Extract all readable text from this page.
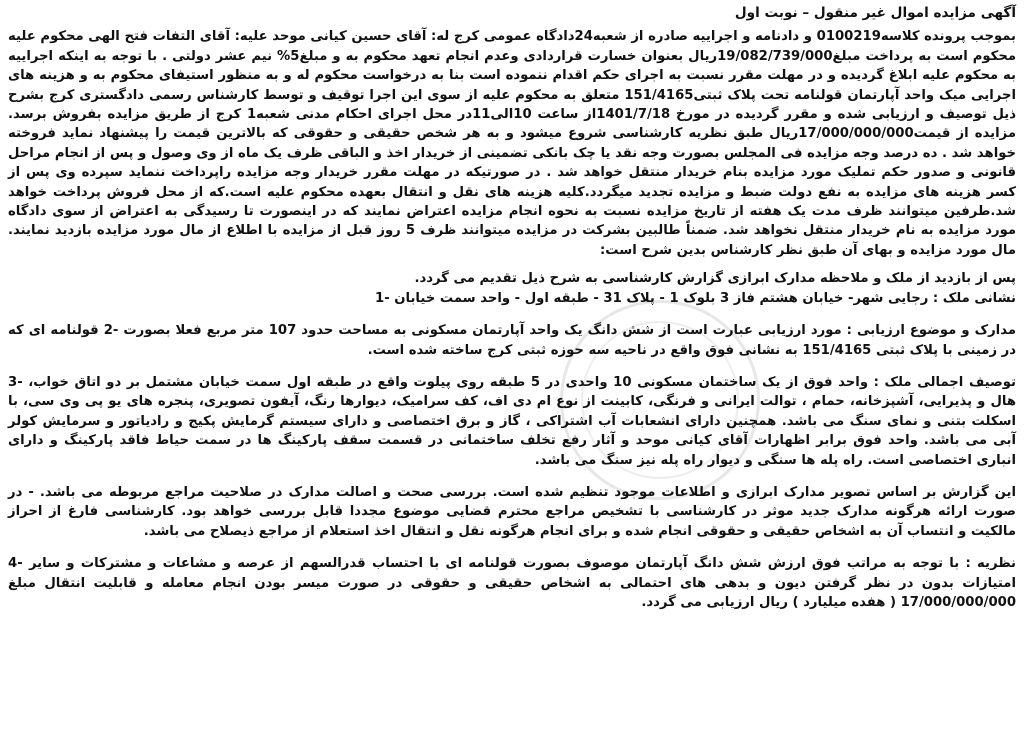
آگهی مزایده اموال غیر منقول – نوبت اول

بموجب پرونده کلاسه0100219 و دادنامه و اجراییه صادره از شعبه24دادگاه عمومی کرج له: آقای حسین کیانی موحد علیه: آقای التفات فتح الهی محکوم علیه محکوم است به پرداخت مبلغ19/082/739/000ریال بعنوان خسارت قراردادی وعدم انجام تعهد محکوم به و مبلغ5% نیم عشر دولتی . با توجه به اینکه اجراییه به محکوم علیه ابلاغ گردیده و در مهلت مقرر نسبت به اجرای حکم اقدام ننموده است بنا به درخواست محکوم له و به منظور استیفای محکوم به و هزینه های اجرایی میک واحد آپارتمان قولنامه تحت پلاک ثبتی151/4165 متعلق به محکوم علیه از سوی این اجرا توقیف و توسط کارشناس رسمی دادگستری کرج بشرح ذیل توصیف و ارزیابی شده و مقرر گردیده در مورخ 1401/7/18از ساعت 10الی11در محل اجرای احکام مدنی شعبه1 کرج از طریق مزایده بفروش برسد. مزایده از قیمت17/000/000/000ریال طبق نظریه کارشناسی شروع میشود و به هر شخص حقیقی و حقوقی که بالاترین قیمت را پیشنهاد نماید فروخته خواهد شد . ده درصد وجه مزایده فی المجلس بصورت وجه نقد یا چک بانکی تضمینی از خریدار اخذ و الباقی ظرف یک ماه از وی وصول و پس از انجام مراحل قانونی و صدور حکم تملیک مورد مزایده بنام خریدار منتقل خواهد شد . در صورتیکه در مهلت مقرر خریدار وجه مزایده راپرداخت ننماید سپرده وی پس از کسر هزینه های مزایده به نفع دولت ضبط و مزایده تجدید میگردد.کلیه هزینه های نقل و انتقال بعهده محکوم علیه است.که از محل فروش پرداخت خواهد شد.طرفین میتوانند ظرف مدت یک هفته از تاریخ مزایده نسبت به نحوه انجام مزایده اعتراض نمایند که در اینصورت تا رسیدگی به اعتراض از سوی دادگاه مورد مزایده به نام خریدار منتقل نخواهد شد. ضمناً طالبین بشرکت در مزایده میتوانند ظرف 5 روز قبل از مزایده با اطلاع از مال مورد مزایده بازدید نمایند. مال مورد مزایده و بهای آن طبق نظر کارشناس بدین شرح است:

پس از بازدید از ملک و ملاحظه مدارک ابرازی گزارش کارشناسی به شرح ذیل تقدیم می گردد.

نشانی ملک : رجایی شهر- خیابان هشتم فاز 3 بلوک 1 - پلاک 31 - طبقه اول - واحد سمت خیابان -1

مدارک و موضوع ارزیابی : مورد ارزیابی عبارت است از شش دانگ یک واحد آپارتمان مسکونی به مساحت حدود 107 متر مربع فعلا بصورت -2 قولنامه ای که در زمینی با پلاک ثبتی 151/4165 به نشانی فوق واقع در ناحیه سه حوزه ثبتی کرج ساخته شده است.

توصیف اجمالی ملک : واحد فوق از یک ساختمان مسکونی 10 واحدی در 5 طبقه روی پیلوت واقع در طبقه اول سمت خیابان مشتمل بر دو اتاق خواب، -3 هال و پذیرایی، آشپزخانه، حمام ، توالت ایرانی و فرنگی، کابینت از نوع ام دی اف، کف سرامیک، دیوارها رنگ، آیفون تصویری، پنجره های یو پی وی سی، با اسکلت بتنی و نمای سنگ می باشد. همچنین دارای انشعابات آب اشتراکی ، گاز و برق اختصاصی و دارای سیستم گرمایش پکیج و رادیاتور و سرمایش کولر آبی می باشد. واحد فوق برابر اظهارات آقای کیانی موحد و آثار رفع تخلف ساختمانی در قسمت سقف پارکینگ ها در سمت حیاط فاقد پارکینگ و دارای انباری اختصاصی است. راه پله ها سنگی و دیوار راه پله نیز سنگ می باشد.

این گزارش بر اساس تصویر مدارک ابرازی و اطلاعات موجود تنظیم شده است. بررسی صحت و اصالت مدارک در صلاحیت مراجع مربوطه می باشد. - در صورت ارائه هرگونه مدارک جدید موثر در کارشناسی با تشخیص مراجع محترم قضایی موضوع مجددا قابل بررسی خواهد بود. کارشناسی فارغ از احراز مالکیت و انتساب آن به اشخاص حقیقی و حقوقی انجام شده و برای انجام هرگونه نقل و انتقال اخذ استعلام از مراجع ذیصلاح می باشد.

نظریه : با توجه به مراتب فوق ارزش شش دانگ آپارتمان موصوف بصورت قولنامه ای با احتساب قدرالسهم از عرصه و مشاعات و مشترکات و سایر -4 امتیازات بدون در نظر گرفتن دیون و بدهی های احتمالی به اشخاص حقیقی و حقوقی در صورت میسر بودن انجام معامله و قابلیت انتقال مبلغ 17/000/000/000 ( هفده میلیارد ) ریال ارزیابی می گردد.
